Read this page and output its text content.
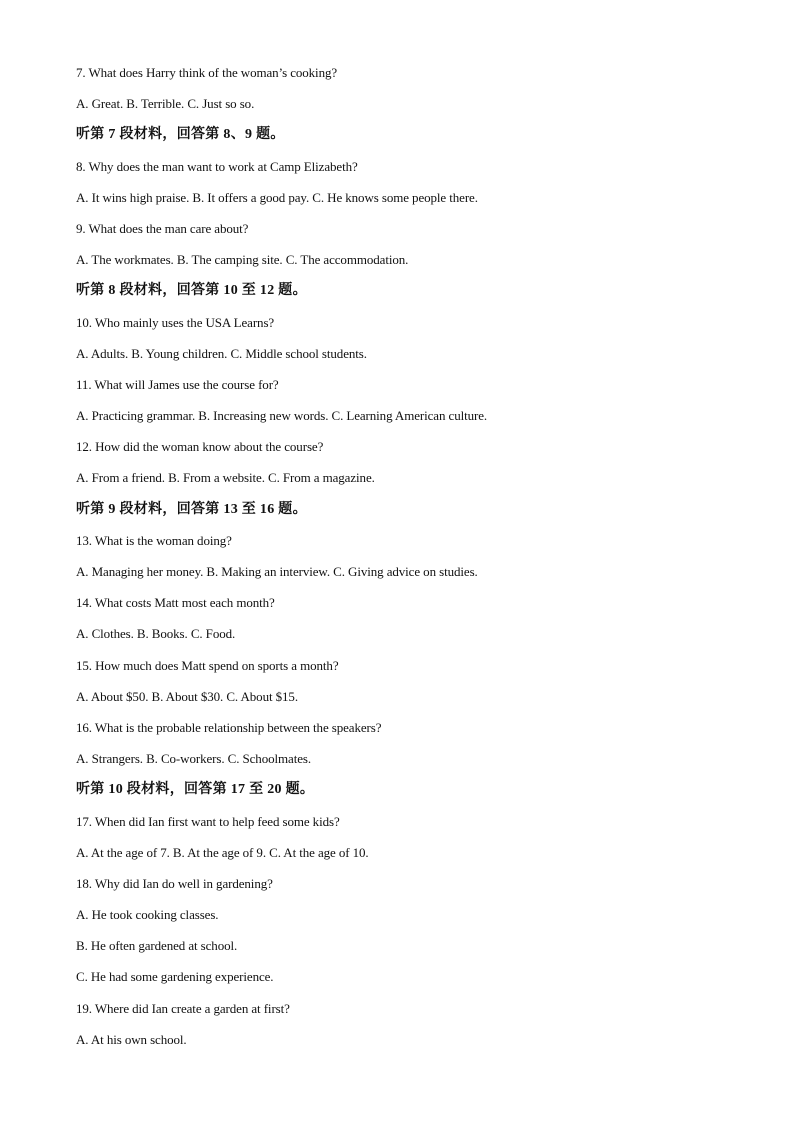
7. What does Harry think of the woman’s cooking?
A. Great. B. Terrible. C. Just so so.
听第 7 段材料，回答第 8、9 题。
8. Why does the man want to work at Camp Elizabeth?
A. It wins high praise. B. It offers a good pay. C. He knows some people there.
9. What does the man care about?
A. The workmates. B. The camping site. C. The accommodation.
听第 8 段材料，回答第 10 至 12 题。
10. Who mainly uses the USA Learns?
A. Adults. B. Young children. C. Middle school students.
11. What will James use the course for?
A. Practicing grammar. B. Increasing new words. C. Learning American culture.
12. How did the woman know about the course?
A. From a friend. B. From a website. C. From a magazine.
听第 9 段材料，回答第 13 至 16 题。
13. What is the woman doing?
A. Managing her money. B. Making an interview. C. Giving advice on studies.
14. What costs Matt most each month?
A. Clothes. B. Books. C. Food.
15. How much does Matt spend on sports a month?
A. About $50. B. About $30. C. About $15.
16. What is the probable relationship between the speakers?
A. Strangers. B. Co-workers. C. Schoolmates.
听第 10 段材料，回答第 17 至 20 题。
17. When did Ian first want to help feed some kids?
A. At the age of 7. B. At the age of 9. C. At the age of 10.
18. Why did Ian do well in gardening?
A. He took cooking classes.
B. He often gardened at school.
C. He had some gardening experience.
19. Where did Ian create a garden at first?
A. At his own school.
